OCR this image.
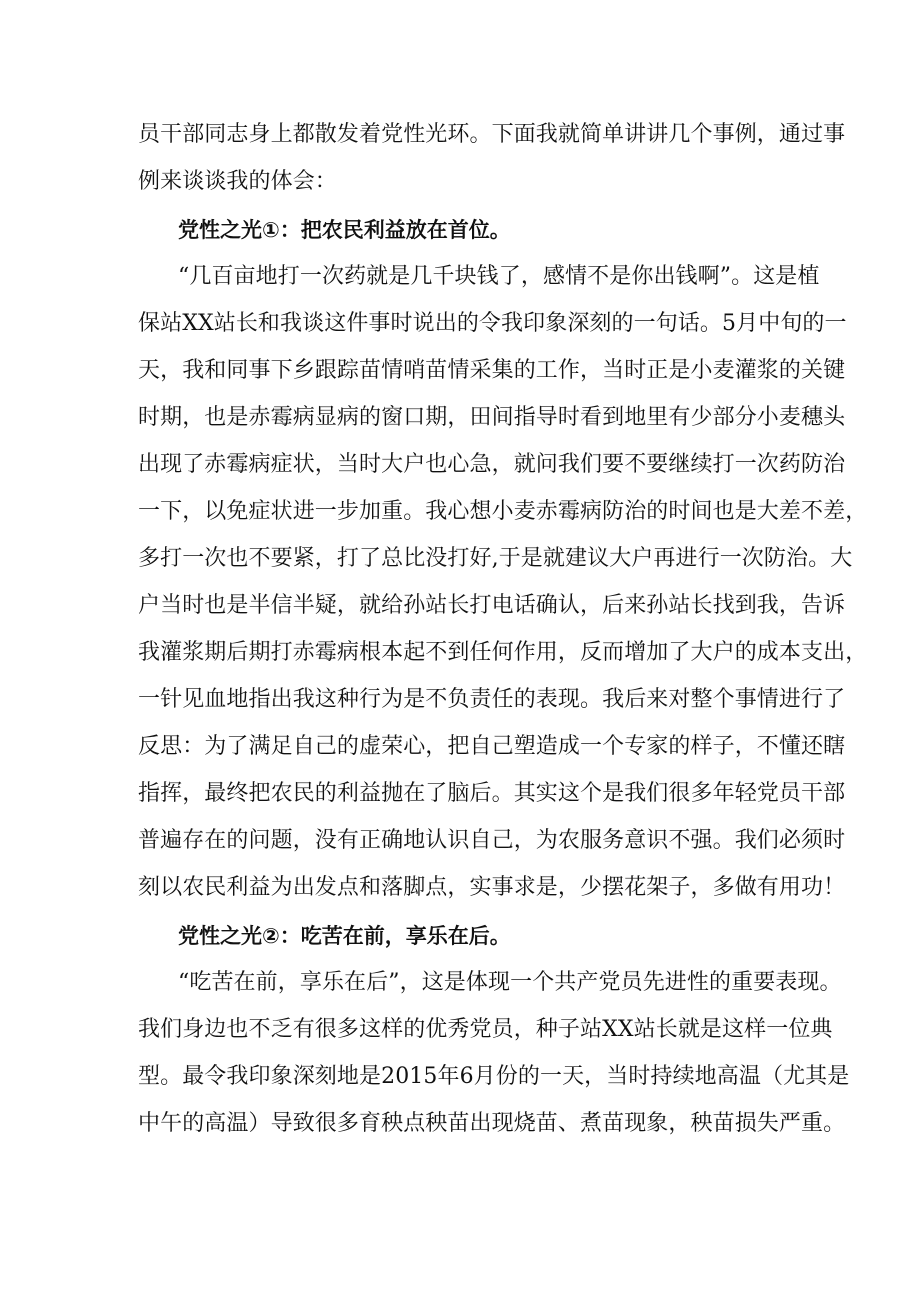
员干部同志身上都散发着党性光环。下面我就简单讲讲几个事例，通过事
例来谈谈我的体会：
党性之光①：把农民利益放在首位。
“几百亩地打一次药就是几千块钱了，感情不是你出钱啊”。这是植
保站XX站长和我谈这件事时说出的令我印象深刻的一句话。5月中旬的一
天，我和同事下乡跟踪苗情哨苗情采集的工作，当时正是小麦灌浆的关键
时期，也是赤霉病显病的窗口期，田间指导时看到地里有少部分小麦穗头
出现了赤霉病症状，当时大户也心急，就问我们要不要继续打一次药防治
一下，以免症状进一步加重。我心想小麦赤霉病防治的时间也是大差不差，
多打一次也不要紧，打了总比没打好,于是就建议大户再进行一次防治。大
户当时也是半信半疑，就给孙站长打电话确认，后来孙站长找到我，告诉
我灌浆期后期打赤霉病根本起不到任何作用，反而增加了大户的成本支出，
一针见血地指出我这种行为是不负责任的表现。我后来对整个事情进行了
反思：为了满足自己的虚荣心，把自己塑造成一个专家的样子，不懂还瞎
指挥，最终把农民的利益抛在了脑后。其实这个是我们很多年轻党员干部
普遍存在的问题，没有正确地认识自己，为农服务意识不强。我们必须时
刻以农民利益为出发点和落脚点，实事求是，少摆花架子，多做有用功！
党性之光②：吃苦在前，享乐在后。
“吃苦在前，享乐在后”，这是体现一个共产党员先进性的重要表现。
我们身边也不乏有很多这样的优秀党员，种子站XX站长就是这样一位典
型。最令我印象深刻地是2015年6月份的一天，当时持续地高温（尤其是
中午的高温）导致很多育秧点秧苗出现烧苗、煮苗现象，秧苗损失严重。
